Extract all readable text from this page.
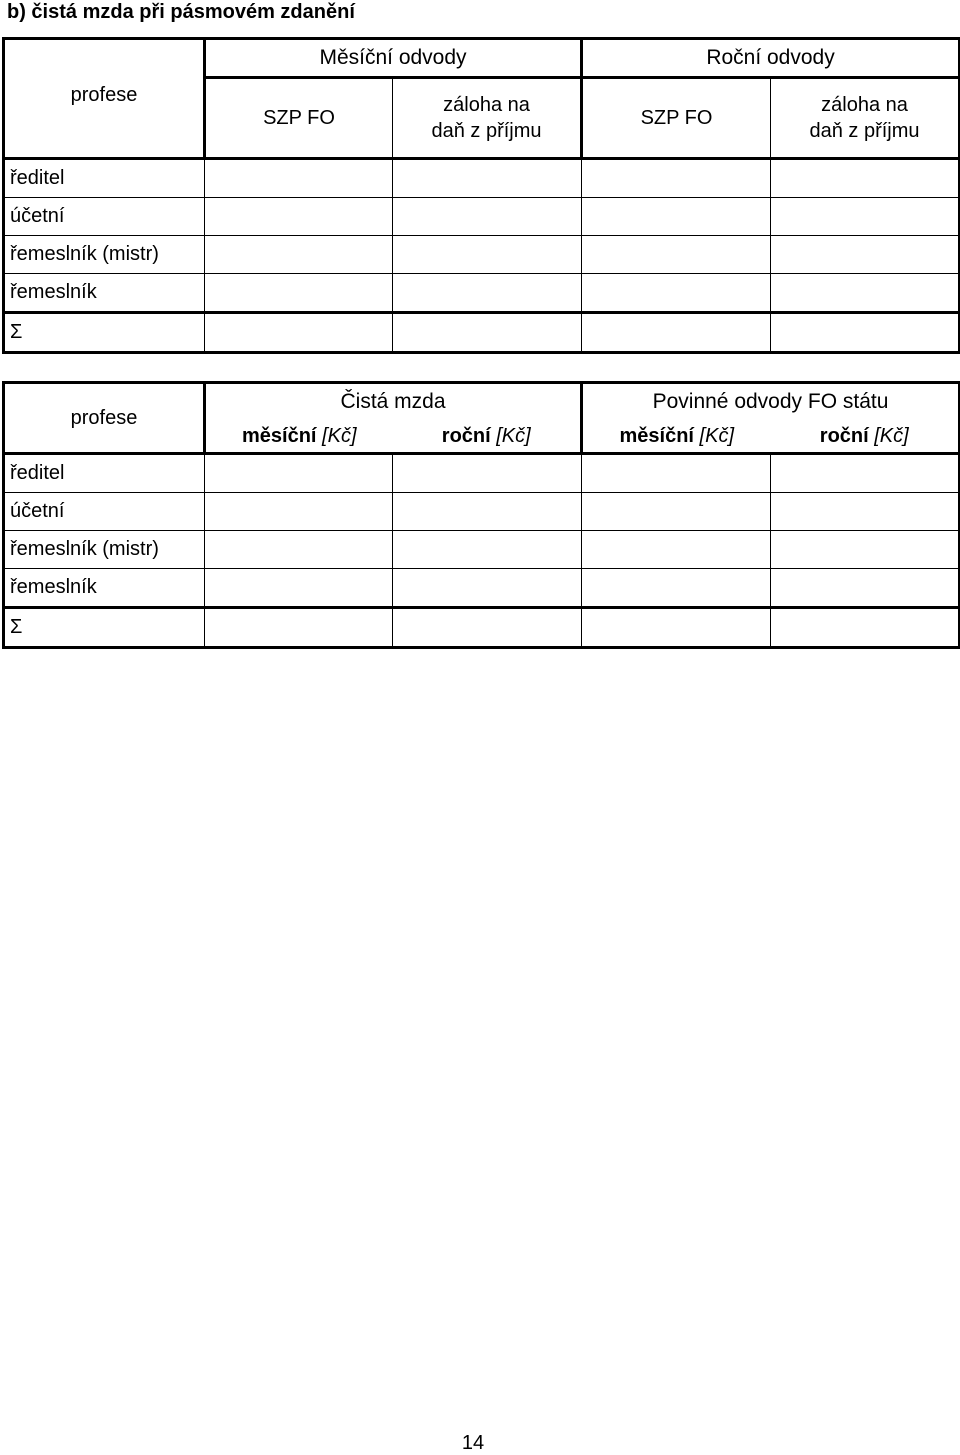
b) čistá mzda při pásmovém zdanění
profese	Měsíční odvody		Roční odvody	
	SZP FO	záloha na
daň z příjmu	SZP FO	záloha na
daň z příjmu
ředitel				
účetní				
řemeslník (mistr)				
řemeslník				
Σ				
profese	Čistá mzda		Povinné odvody FO státu	
	měsíční [Kč]	roční [Kč]	měsíční [Kč]	roční [Kč]
ředitel				
účetní				
řemeslník (mistr)				
řemeslník				
Σ				
14
